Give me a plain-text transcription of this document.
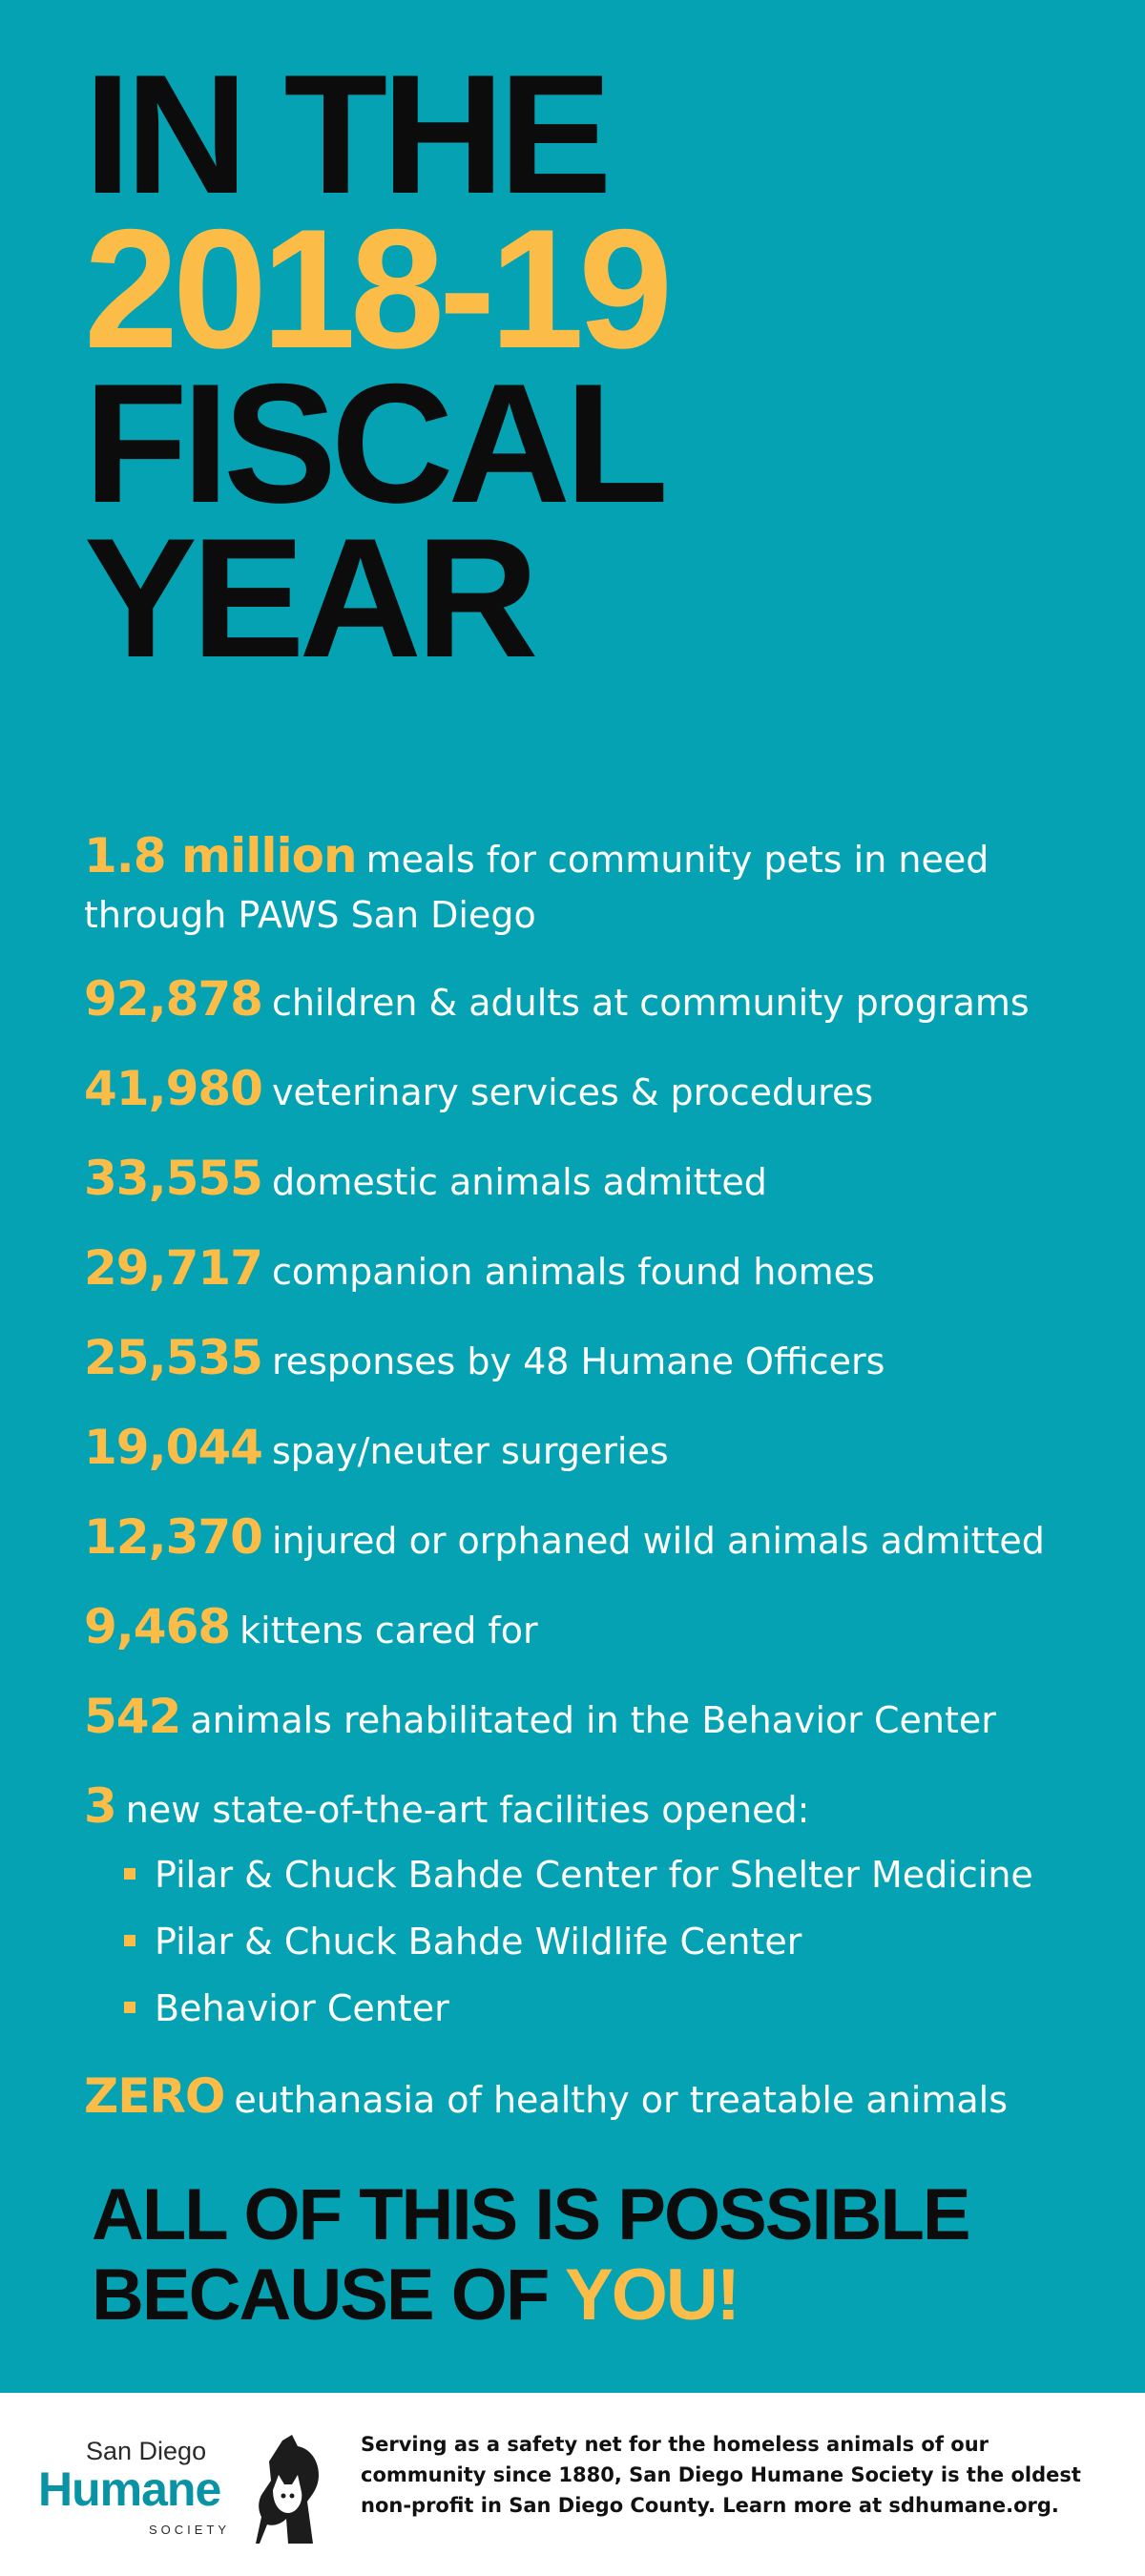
IN THE
2018-19
FISCAL
YEAR
1.8 million meals for community pets in need through PAWS San Diego
92,878 children & adults at community programs
41,980 veterinary services & procedures
33,555 domestic animals admitted
29,717 companion animals found homes
25,535 responses by 48 Humane Officers
19,044 spay/neuter surgeries
12,370 injured or orphaned wild animals admitted
9,468 kittens cared for
542 animals rehabilitated in the Behavior Center
3 new state-of-the-art facilities opened:
Pilar & Chuck Bahde Center for Shelter Medicine
Pilar & Chuck Bahde Wildlife Center
Behavior Center
ZERO euthanasia of healthy or treatable animals
ALL OF THIS IS POSSIBLE
BECAUSE OF YOU!
San Diego
Humane
SOCIETY
Serving as a safety net for the homeless animals of our community since 1880, San Diego Humane Society is the oldest non-profit in San Diego County. Learn more at sdhumane.org.
